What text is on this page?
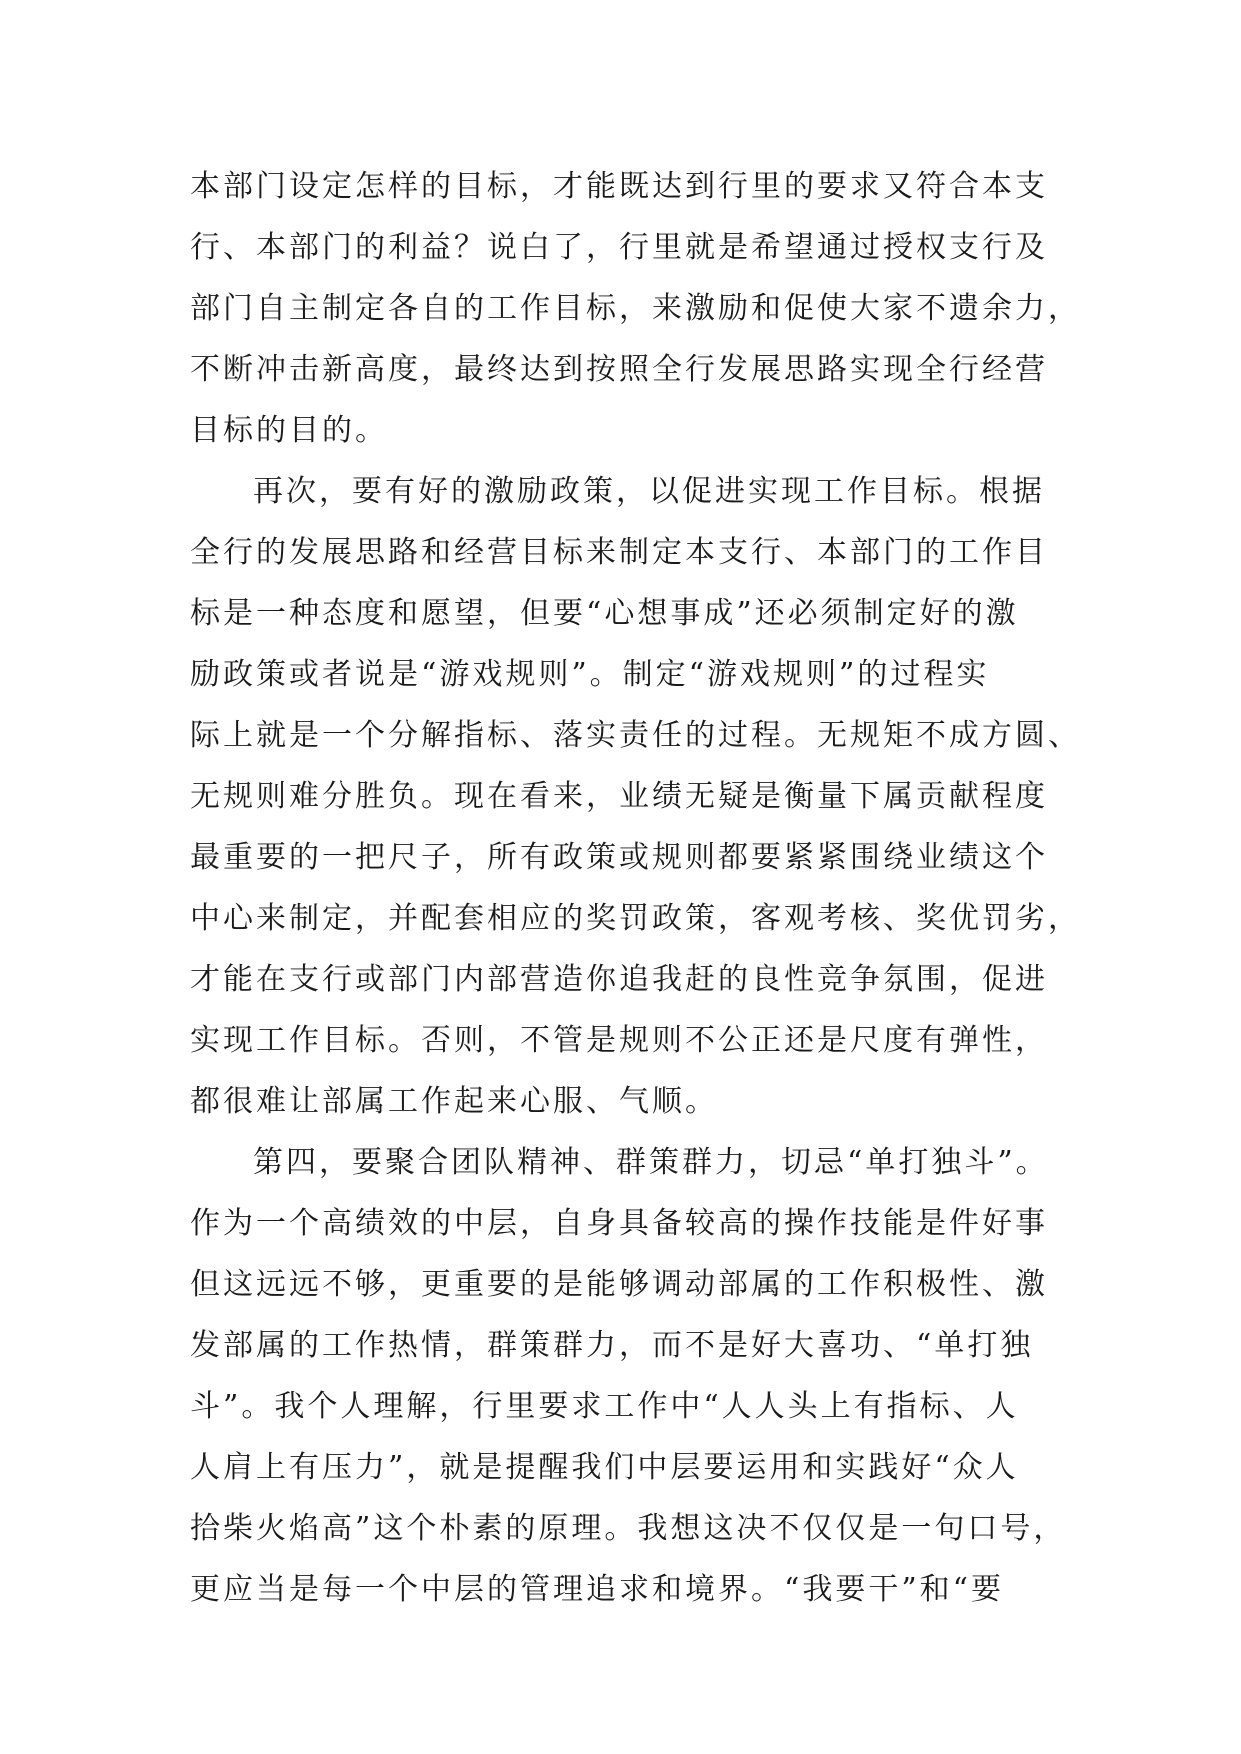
本部门设定怎样的目标，才能既达到行里的要求又符合本支
行、本部门的利益？说白了，行里就是希望通过授权支行及
部门自主制定各自的工作目标，来激励和促使大家不遗余力，
不断冲击新高度，最终达到按照全行发展思路实现全行经营
目标的目的。
再次，要有好的激励政策，以促进实现工作目标。根据
全行的发展思路和经营目标来制定本支行、本部门的工作目
标是一种态度和愿望，但要“心想事成”还必须制定好的激
励政策或者说是“游戏规则”。制定“游戏规则”的过程实
际上就是一个分解指标、落实责任的过程。无规矩不成方圆、
无规则难分胜负。现在看来，业绩无疑是衡量下属贡献程度
最重要的一把尺子，所有政策或规则都要紧紧围绕业绩这个
中心来制定，并配套相应的奖罚政策，客观考核、奖优罚劣，
才能在支行或部门内部营造你追我赶的良性竞争氛围，促进
实现工作目标。否则，不管是规则不公正还是尺度有弹性，
都很难让部属工作起来心服、气顺。
第四，要聚合团队精神、群策群力，切忌“单打独斗”。
作为一个高绩效的中层，自身具备较高的操作技能是件好事
但这远远不够，更重要的是能够调动部属的工作积极性、激
发部属的工作热情，群策群力，而不是好大喜功、“单打独
斗”。我个人理解，行里要求工作中“人人头上有指标、人
人肩上有压力”，就是提醒我们中层要运用和实践好“众人
拾柴火焰高”这个朴素的原理。我想这决不仅仅是一句口号，
更应当是每一个中层的管理追求和境界。“我要干”和“要
